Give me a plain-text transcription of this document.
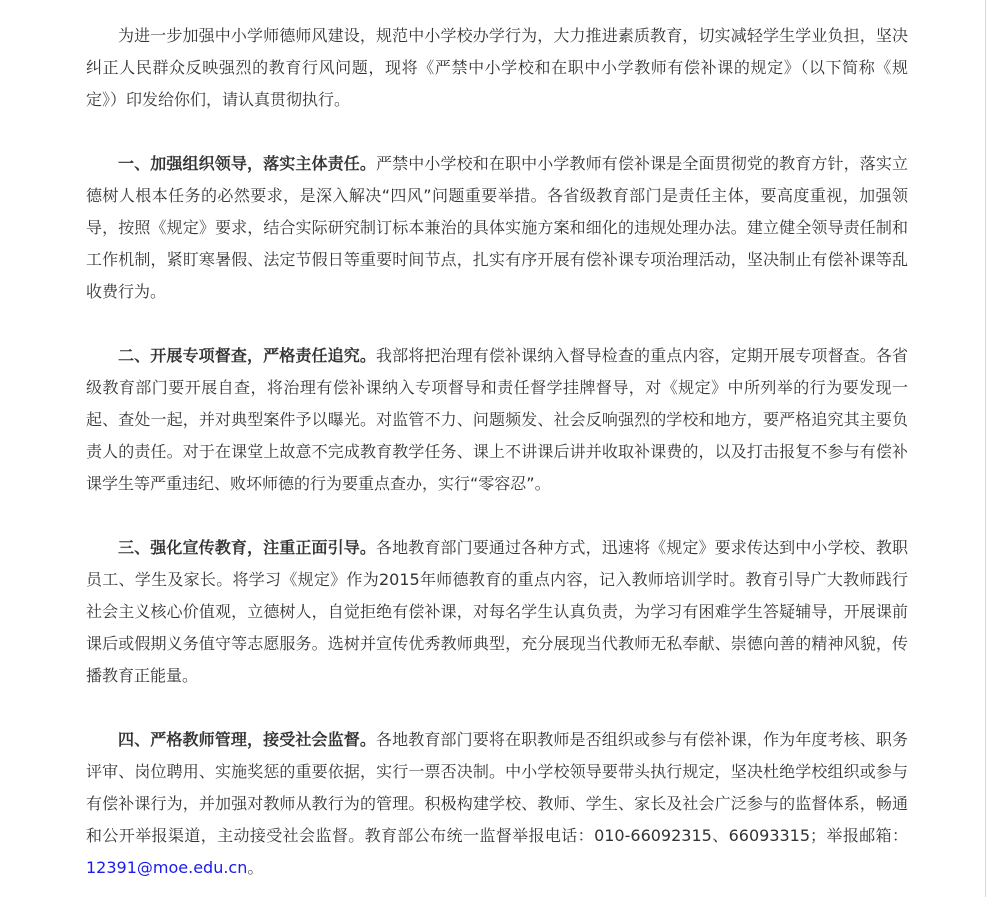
为进一步加强中小学师德师风建设，规范中小学校办学行为，大力推进素质教育，切实减轻学生学业负担，坚决纠正人民群众反映强烈的教育行风问题，现将《严禁中小学校和在职中小学教师有偿补课的规定》（以下简称《规定》）印发给你们，请认真贯彻执行。

一、加强组织领导，落实主体责任。严禁中小学校和在职中小学教师有偿补课是全面贯彻党的教育方针，落实立德树人根本任务的必然要求，是深入解决“四风”问题重要举措。各省级教育部门是责任主体，要高度重视，加强领导，按照《规定》要求，结合实际研究制订标本兼治的具体实施方案和细化的违规处理办法。建立健全领导责任制和工作机制，紧盯寒暑假、法定节假日等重要时间节点，扎实有序开展有偿补课专项治理活动，坚决制止有偿补课等乱收费行为。

二、开展专项督查，严格责任追究。我部将把治理有偿补课纳入督导检查的重点内容，定期开展专项督查。各省级教育部门要开展自查，将治理有偿补课纳入专项督导和责任督学挂牌督导，对《规定》中所列举的行为要发现一起、查处一起，并对典型案件予以曝光。对监管不力、问题频发、社会反响强烈的学校和地方，要严格追究其主要负责人的责任。对于在课堂上故意不完成教育教学任务、课上不讲课后讲并收取补课费的，以及打击报复不参与有偿补课学生等严重违纪、败坏师德的行为要重点查办，实行“零容忍”。

三、强化宣传教育，注重正面引导。各地教育部门要通过各种方式，迅速将《规定》要求传达到中小学校、教职员工、学生及家长。将学习《规定》作为2015年师德教育的重点内容，记入教师培训学时。教育引导广大教师践行社会主义核心价值观，立德树人，自觉拒绝有偿补课，对每名学生认真负责，为学习有困难学生答疑辅导，开展课前课后或假期义务值守等志愿服务。选树并宣传优秀教师典型，充分展现当代教师无私奉献、崇德向善的精神风貌，传播教育正能量。

四、严格教师管理，接受社会监督。各地教育部门要将在职教师是否组织或参与有偿补课，作为年度考核、职务评审、岗位聘用、实施奖惩的重要依据，实行一票否决制。中小学校领导要带头执行规定，坚决杜绝学校组织或参与有偿补课行为，并加强对教师从教行为的管理。积极构建学校、教师、学生、家长及社会广泛参与的监督体系，畅通和公开举报渠道，主动接受社会监督。教育部公布统一监督举报电话：010-66092315、66093315；举报邮箱：12391@moe.edu.cn。
